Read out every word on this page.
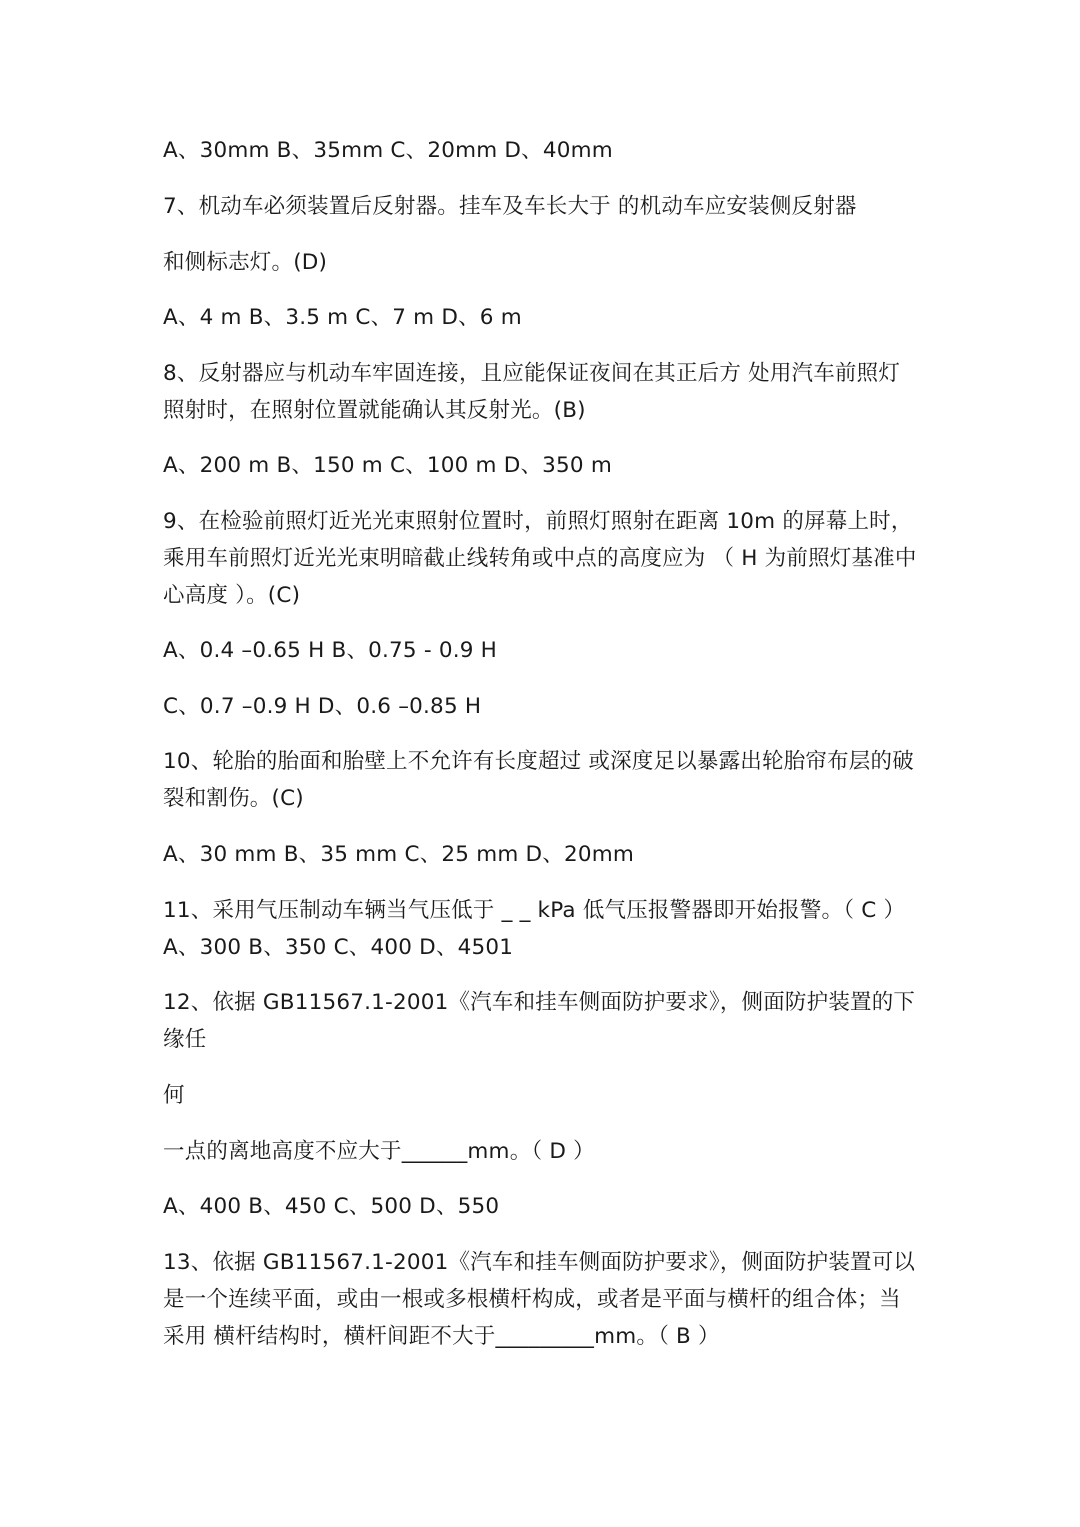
A、30mm B、35mm C、20mm D、40mm
7、机动车必须装置后反射器。挂车及车长大于 的机动车应安装侧反射器
和侧标志灯。(D)
A、4 m B、3.5 m C、7 m D、6 m
8、反射器应与机动车牢固连接，且应能保证夜间在其正后方 处用汽车前照灯
照射时，在照射位置就能确认其反射光。(B)
A、200 m B、150 m C、100 m D、350 m
9、在检验前照灯近光光束照射位置时，前照灯照射在距离 10m 的屏幕上时，
乘用车前照灯近光光束明暗截止线转角或中点的高度应为 （ H 为前照灯基准中
心高度 ）。(C)
A、0.4 –0.65 H B、0.75 - 0.9 H
C、0.7 –0.9 H D、0.6 –0.85 H
10、轮胎的胎面和胎壁上不允许有长度超过 或深度足以暴露出轮胎帘布层的破
裂和割伤。(C)
A、30 mm B、35 mm C、25 mm D、20mm
11、采用气压制动车辆当气压低于 _ _ kPa 低气压报警器即开始报警。（ C ）
A、300 B、350 C、400 D、4501
12、依据 GB11567.1-2001《汽车和挂车侧面防护要求》，侧面防护装置的下
缘任
何
一点的离地高度不应大于______mm。（ D ）
A、400 B、450 C、500 D、550
13、依据 GB11567.1-2001《汽车和挂车侧面防护要求》，侧面防护装置可以
是一个连续平面，或由一根或多根横杆构成，或者是平面与横杆的组合体；当
采用 横杆结构时，横杆间距不大于_________mm。（ B ）
